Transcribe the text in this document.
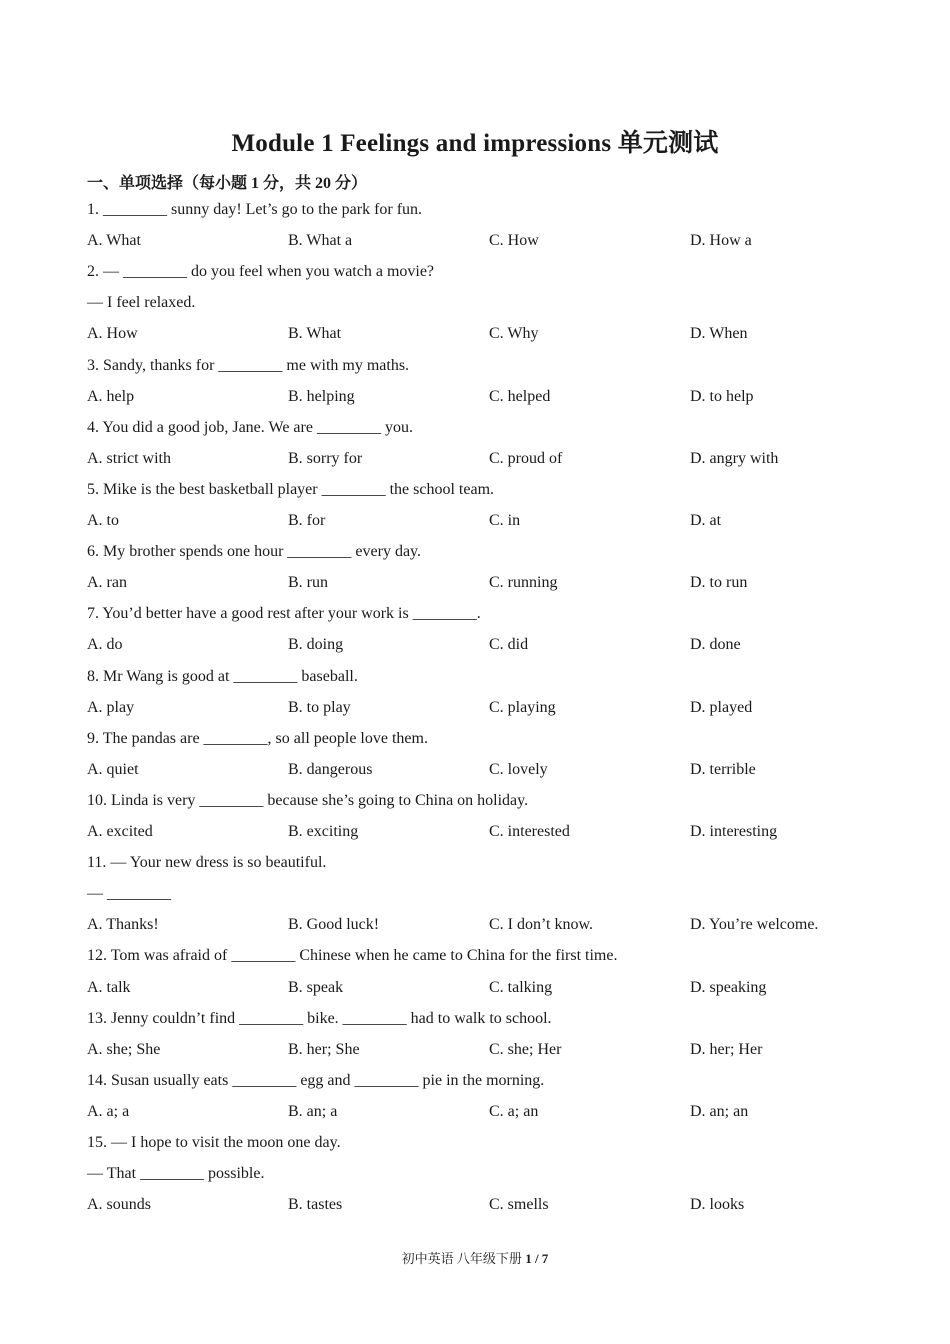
Module 1 Feelings and impressions 单元测试
一、单项选择（每小题 1 分，共 20 分）
1. ________ sunny day! Let’s go to the park for fun.
A. What	B. What a	C. How	D. How a
2. — ________ do you feel when you watch a movie?
— I feel relaxed.
A. How	B. What	C. Why	D. When
3. Sandy, thanks for ________ me with my maths.
A. help	B. helping	C. helped	D. to help
4. You did a good job, Jane. We are ________ you.
A. strict with	B. sorry for	C. proud of	D. angry with
5. Mike is the best basketball player ________ the school team.
A. to	B. for	C. in	D. at
6. My brother spends one hour ________ every day.
A. ran	B. run	C. running	D. to run
7. You’d better have a good rest after your work is ________.
A. do	B. doing	C. did	D. done
8. Mr Wang is good at ________ baseball.
A. play	B. to play	C. playing	D. played
9. The pandas are ________, so all people love them.
A. quiet	B. dangerous	C. lovely	D. terrible
10. Linda is very ________ because she’s going to China on holiday.
A. excited	B. exciting	C. interested	D. interesting
11. — Your new dress is so beautiful.
— ________
A. Thanks!	B. Good luck!	C. I don’t know.	D. You’re welcome.
12. Tom was afraid of ________ Chinese when he came to China for the first time.
A. talk	B. speak	C. talking	D. speaking
13. Jenny couldn’t find ________ bike. ________ had to walk to school.
A. she; She	B. her; She	C. she; Her	D. her; Her
14. Susan usually eats ________ egg and ________ pie in the morning.
A. a; a	B. an; a	C. a; an	D. an; an
15. — I hope to visit the moon one day.
— That ________ possible.
A. sounds	B. tastes	C. smells	D. looks
初中英语 八年级下册 1 / 7
